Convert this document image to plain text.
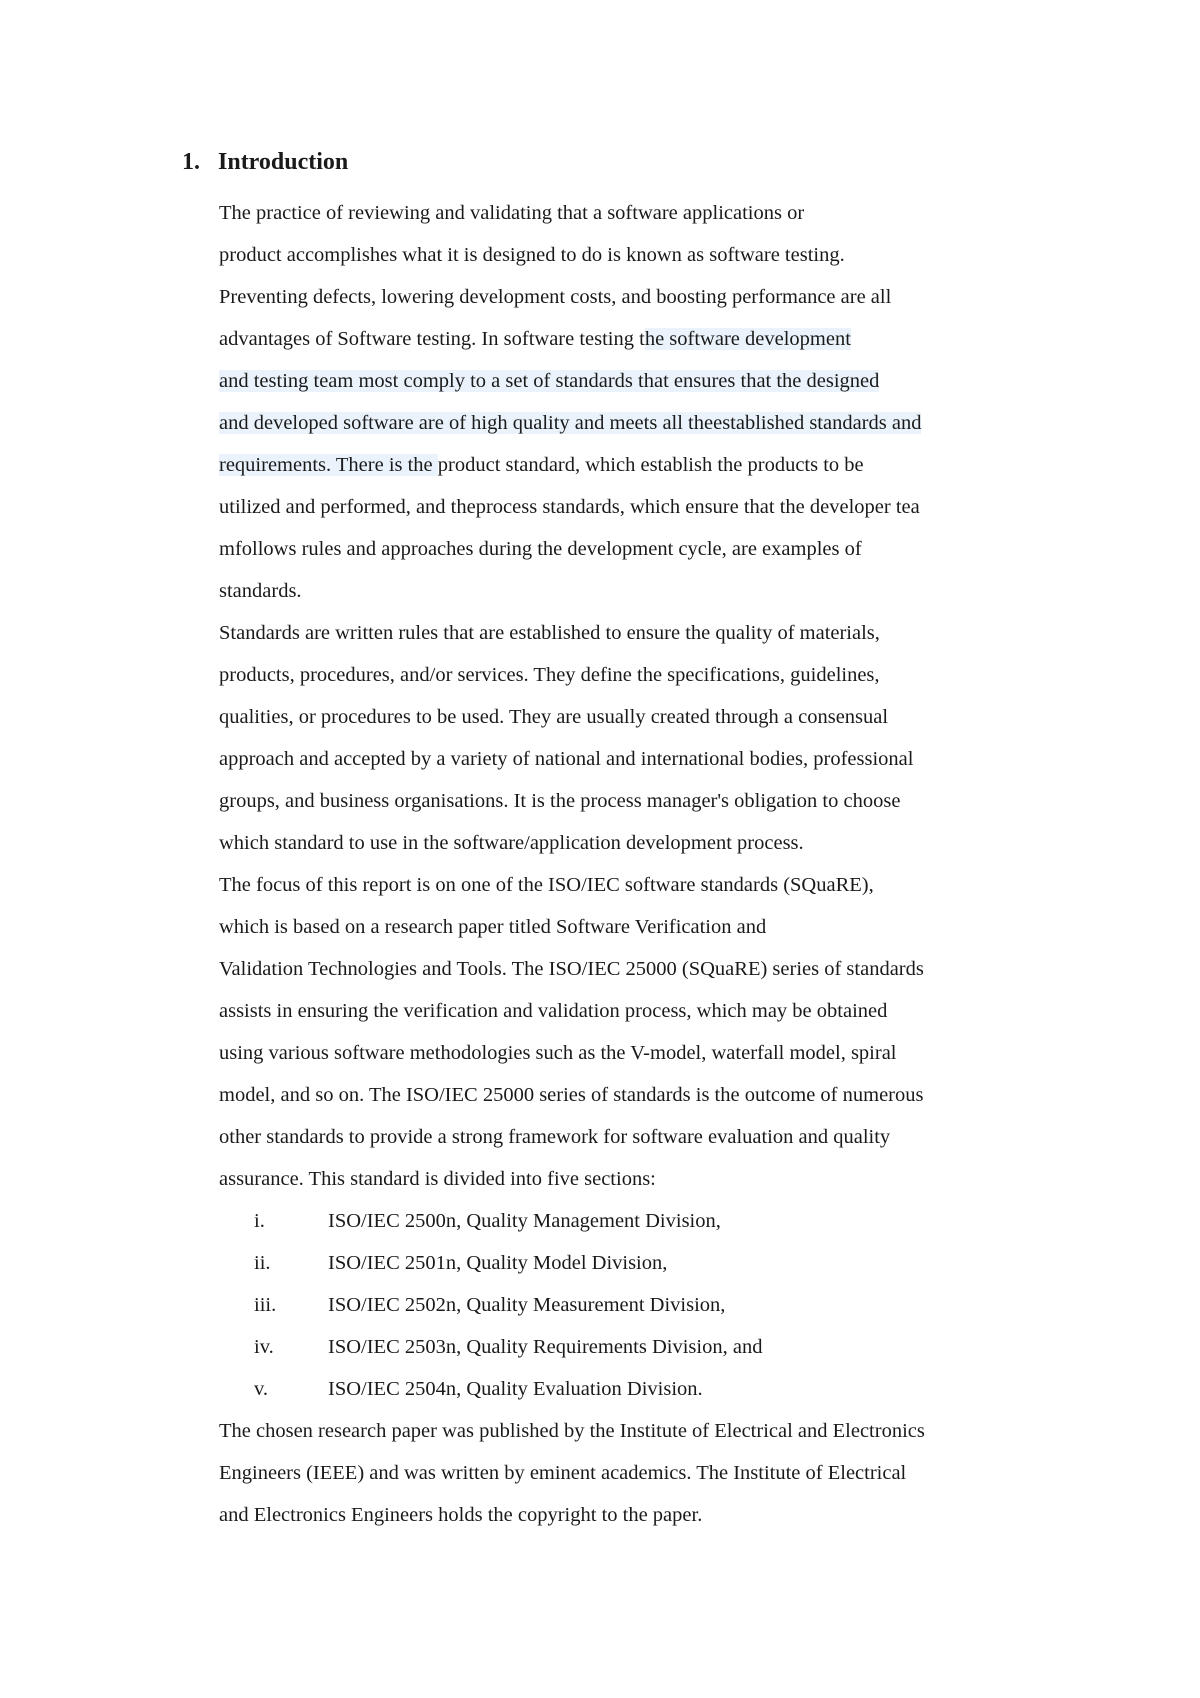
1. Introduction
The practice of reviewing and validating that a software applications or
product accomplishes what it is designed to do is known as software testing.
Preventing defects, lowering development costs, and boosting performance are all
advantages of Software testing. In software testing the software development
and testing team most comply to a set of standards that ensures that the designed
and developed software are of high quality and meets all theestablished standards and
requirements. There is the product standard, which establish the products to be
utilized and performed, and theprocess standards, which ensure that the developer tea
mfollows rules and approaches during the development cycle, are examples of
standards.
Standards are written rules that are established to ensure the quality of materials,
products, procedures, and/or services. They define the specifications, guidelines,
qualities, or procedures to be used. They are usually created through a consensual
approach and accepted by a variety of national and international bodies, professional
groups, and business organisations. It is the process manager's obligation to choose
which standard to use in the software/application development process.
The focus of this report is on one of the ISO/IEC software standards (SQuaRE),
which is based on a research paper titled Software Verification and
Validation Technologies and Tools. The ISO/IEC 25000 (SQuaRE) series of standards
assists in ensuring the verification and validation process, which may be obtained
using various software methodologies such as the V-model, waterfall model, spiral
model, and so on. The ISO/IEC 25000 series of standards is the outcome of numerous
other standards to provide a strong framework for software evaluation and quality
assurance. This standard is divided into five sections:
i.	ISO/IEC 2500n, Quality Management Division,
ii.	ISO/IEC 2501n, Quality Model Division,
iii.	ISO/IEC 2502n, Quality Measurement Division,
iv.	ISO/IEC 2503n, Quality Requirements Division, and
v.	ISO/IEC 2504n, Quality Evaluation Division.
The chosen research paper was published by the Institute of Electrical and Electronics
Engineers (IEEE) and was written by eminent academics. The Institute of Electrical
and Electronics Engineers holds the copyright to the paper.
